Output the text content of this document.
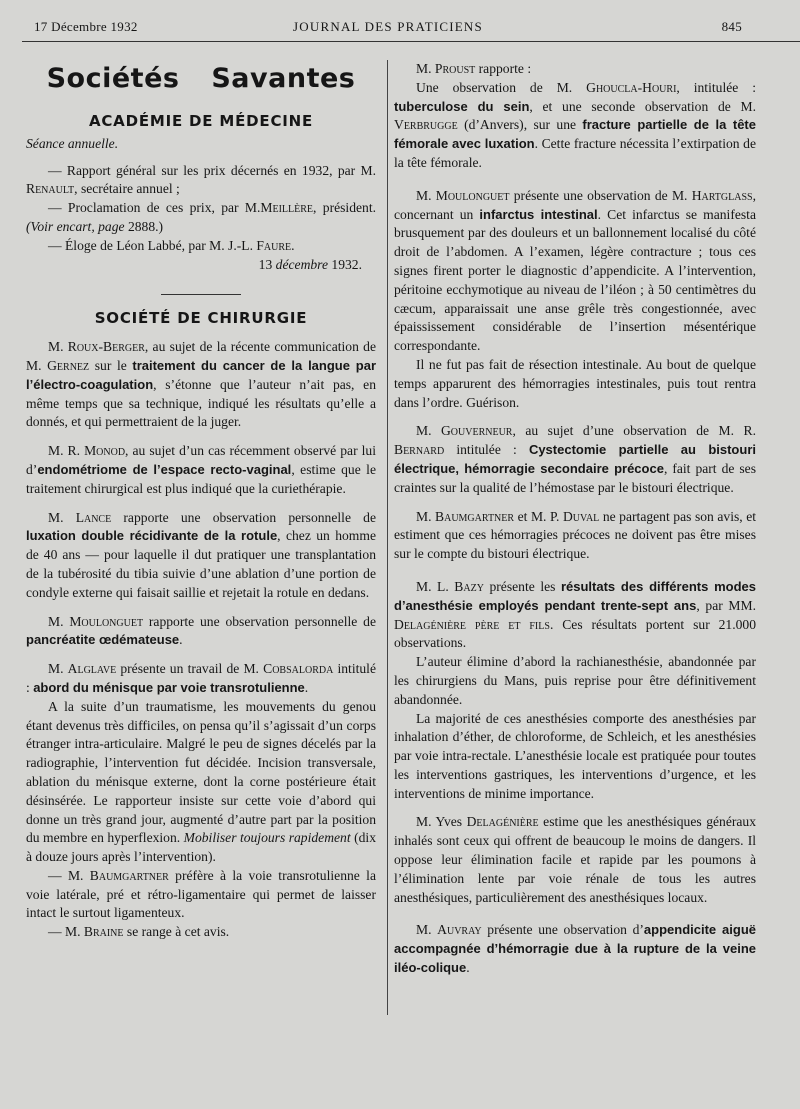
17 Décembre 1932	JOURNAL DES PRATICIENS	845
Sociétés Savantes
ACADÉMIE DE MÉDECINE

Séance annuelle.

— Rapport général sur les prix décernés en 1932, par M. Renault, secrétaire annuel ;

— Proclamation de ces prix, par M.Meillère, président. (Voir encart, page 2888.)

— Éloge de Léon Labbé, par M. J.-L. Faure.

13 décembre 1932.

SOCIÉTÉ DE CHIRURGIE

M. Roux-Berger, au sujet de la récente communication de M. Gernez sur le traitement du cancer de la langue par l’électro-coagulation, s’étonne que l’auteur n’ait pas, en même temps que sa technique, indiqué les résultats qu’elle a donnés, et qui permettraient de la juger.

M. R. Monod, au sujet d’un cas récemment observé par lui d’endométriome de l’espace recto-vaginal, estime que le traitement chirurgical est plus indiqué que la curiethérapie.

M. Lance rapporte une observation personnelle de luxation double récidivante de la rotule, chez un homme de 40 ans — pour laquelle il dut pratiquer une transplantation de la tubérosité du tibia suivie d’une ablation d’une portion de condyle externe qui faisait saillie et rejetait la rotule en dedans.

M. Moulonguet rapporte une observation personnelle de pancréatite œdémateuse.

M. Alglave présente un travail de M. Cobsalorda intitulé : abord du ménisque par voie transrotulienne.

A la suite d’un traumatisme, les mouvements du genou étant devenus très difficiles, on pensa qu’il s’agissait d’un corps étranger intra-articulaire. Malgré le peu de signes décelés par la radiographie, l’intervention fut décidée. Incision transversale, ablation du ménisque externe, dont la corne postérieure était désinsérée. Le rapporteur insiste sur cette voie d’abord qui donne un très grand jour, augmenté d’autre part par la position du membre en hyperflexion. Mobiliser toujours rapidement (dix à douze jours après l’intervention).

— M. Baumgartner préfère à la voie transrotulienne la voie latérale, pré et rétro-ligamentaire qui permet de laisser intact le surtout ligamenteux.

— M. Braine se range à cet avis.

M. Proust rapporte :

Une observation de M. Ghoucla-Houri, intitulée : tuberculose du sein, et une seconde observation de M. Verbrugge (d’Anvers), sur une fracture partielle de la tête fémorale avec luxation. Cette fracture nécessita l’extirpation de la tête fémorale.

M. Moulonguet présente une observation de M. Hartglass, concernant un infarctus intestinal. Cet infarctus se manifesta brusquement par des douleurs et un ballonnement localisé du côté droit de l’abdomen. A l’examen, légère contracture ; tous ces signes firent porter le diagnostic d’appendicite. A l’intervention, péritoine ecchymotique au niveau de l’iléon ; à 50 centimètres du cæcum, apparaissait une anse grêle très congestionnée, avec épaississement considérable de l’insertion mésentérique correspondante.

Il ne fut pas fait de résection intestinale. Au bout de quelque temps apparurent des hémorragies intestinales, puis tout rentra dans l’ordre. Guérison.

M. Gouverneur, au sujet d’une observation de M. R. Bernard intitulée : Cystectomie partielle au bistouri électrique, hémorragie secondaire précoce, fait part de ses craintes sur la qualité de l’hémostase par le bistouri électrique.

M. Baumgartner et M. P. Duval ne partagent pas son avis, et estiment que ces hémorragies précoces ne doivent pas être mises sur le compte du bistouri électrique.

M. L. Bazy présente les résultats des différents modes d’anesthésie employés pendant trente-sept ans, par MM. Delagénière père et fils. Ces résultats portent sur 21.000 observations.

L’auteur élimine d’abord la rachianesthésie, abandonnée par les chirurgiens du Mans, puis reprise pour être définitivement abandonnée.

La majorité de ces anesthésies comporte des anesthésies par inhalation d’éther, de chloroforme, de Schleich, et les anesthésies par voie intra-rectale. L’anesthésie locale est pratiquée pour toutes les interventions gastriques, les interventions d’urgence, et les interventions de minime importance.

M. Yves Delagénière estime que les anesthésiques généraux inhalés sont ceux qui offrent de beaucoup le moins de dangers. Il oppose leur élimination facile et rapide par les poumons à l’élimination lente par voie rénale de tous les autres anesthésiques, particulièrement des anesthésiques locaux.

M. Auvray présente une observation d’appendicite aiguë accompagnée d’hémorragie due à la rupture de la veine iléo-colique.
